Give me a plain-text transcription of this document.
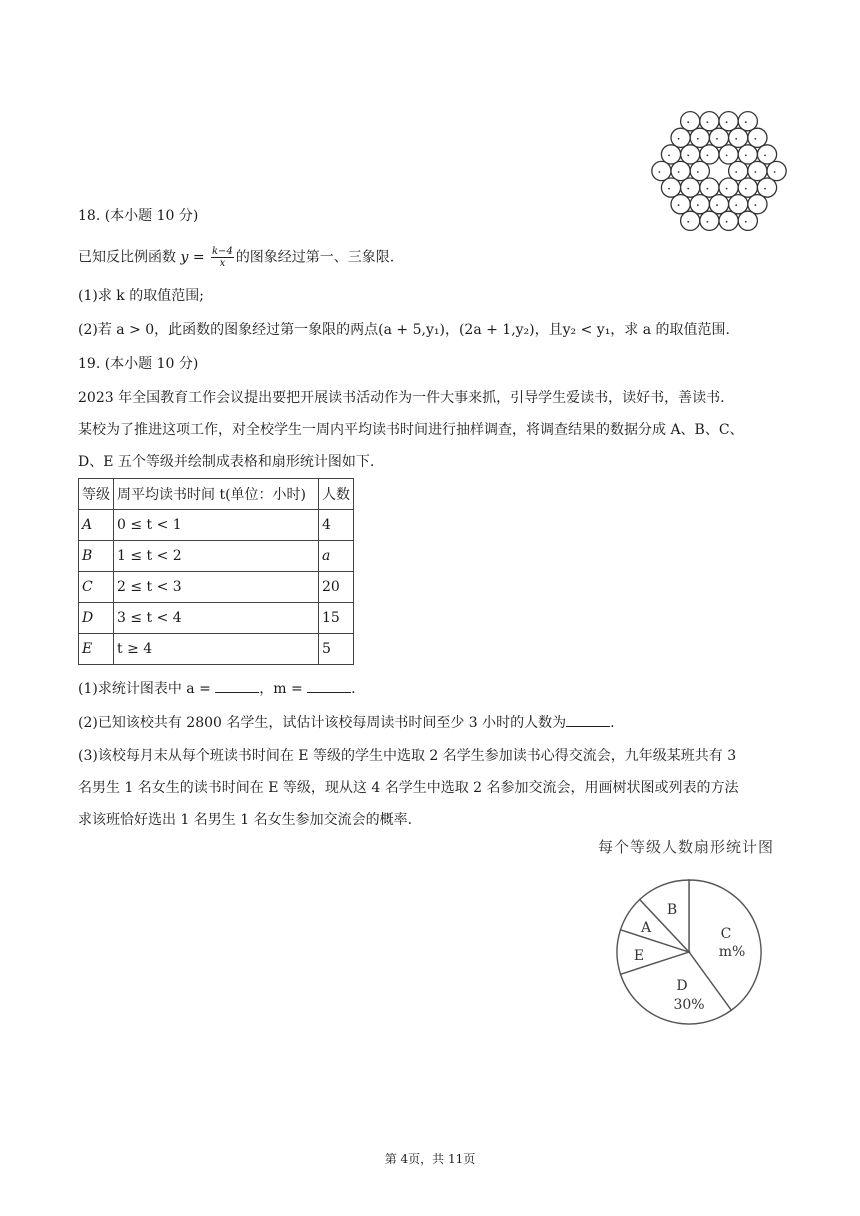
18. (本小题 10 分)
已知反比例函数 $y = \frac{k-4}{x}$ 的图象经过第一、三象限.
(1)求 k 的取值范围;
(2)若 a > 0，此函数的图象经过第一象限的两点(a + 5,y₁)，(2a + 1,y₂)，且y₂ < y₁，求 a 的取值范围.
19. (本小题 10 分)
2023 年全国教育工作会议提出要把开展读书活动作为一件大事来抓，引导学生爱读书，读好书，善读书.
某校为了推进这项工作，对全校学生一周内平均读书时间进行抽样调查，将调查结果的数据分成 A、B、C、
D、E 五个等级并绘制成表格和扇形统计图如下.
等级	周平均读书时间 t(单位：小时)	人数
A	0 ≤ t < 1	4
B	1 ≤ t < 2	a
C	2 ≤ t < 3	20
D	3 ≤ t < 4	15
E	t ≥ 4	5
(1)求统计图表中 a =	，m =	.
(2)已知该校共有 2800 名学生，试估计该校每周读书时间至少 3 小时的人数为	.
(3)该校每月末从每个班读书时间在 E 等级的学生中选取 2 名学生参加读书心得交流会，九年级某班共有 3
名男生 1 名女生的读书时间在 E 等级，现从这 4 名学生中选取 2 名参加交流会，用画树状图或列表的方法
求该班恰好选出 1 名男生 1 名女生参加交流会的概率.
每个等级人数扇形统计图
C
m%
D
30%
E
A
B
第 4页，共 11页
